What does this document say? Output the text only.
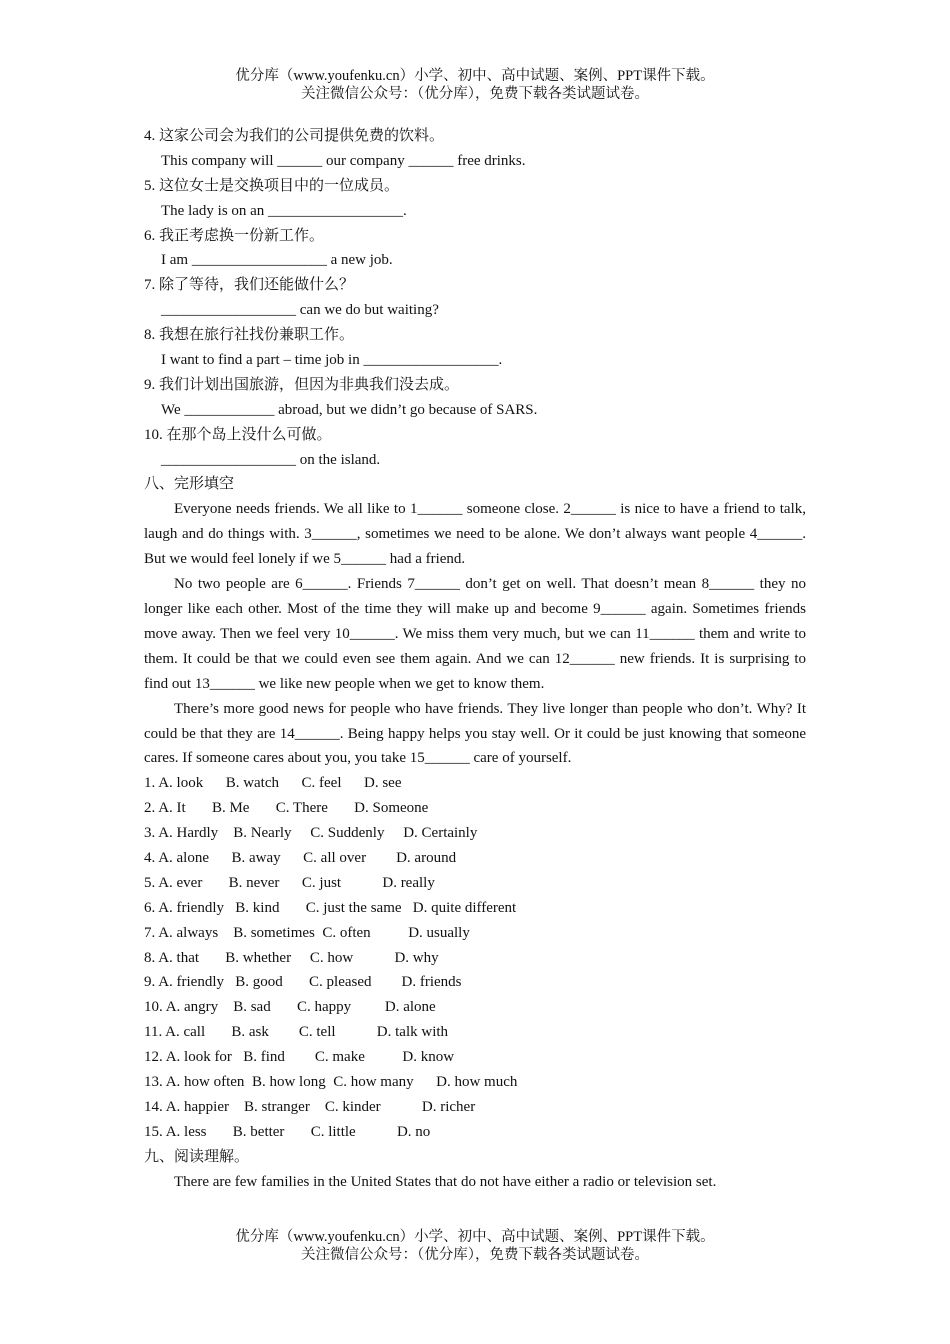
优分库（www.youfenku.cn）小学、初中、高中试题、案例、PPT课件下载。
关注微信公众号：（优分库），免费下载各类试题试卷。
4. 这家公司会为我们的公司提供免费的饮料。
This company will ______ our company ______ free drinks.
5. 这位女士是交换项目中的一位成员。
The lady is on an __________________.
6. 我正考虑换一份新工作。
I am __________________ a new job.
7. 除了等待，我们还能做什么？
__________________ can we do but waiting?
8. 我想在旅行社找份兼职工作。
I want to find a part – time job in __________________.
9. 我们计划出国旅游，但因为非典我们没去成。
We ____________ abroad, but we didn’t go because of SARS.
10. 在那个岛上没什么可做。
__________________ on the island.
八、完形填空
Everyone needs friends. We all like to 1______ someone close. 2______ is nice to have a friend to talk, laugh and do things with. 3______, sometimes we need to be alone. We don’t always want people 4______. But we would feel lonely if we 5______ had a friend.
No two people are 6______. Friends 7______ don’t get on well. That doesn’t mean 8______ they no longer like each other. Most of the time they will make up and become 9______ again. Sometimes friends move away. Then we feel very 10______. We miss them very much, but we can 11______ them and write to them. It could be that we could even see them again. And we can 12______ new friends. It is surprising to find out 13______ we like new people when we get to know them.
There’s more good news for people who have friends. They live longer than people who don’t. Why? It could be that they are 14______. Being happy helps you stay well. Or it could be just knowing that someone cares. If someone cares about you, you take 15______ care of yourself.
1. A. look B. watch C. feel D. see
2. A. It B. Me C. There D. Someone
3. A. Hardly B. Nearly C. Suddenly D. Certainly
4. A. alone B. away C. all over D. around
5. A. ever B. never C. just	D. really
6. A. friendly B. kind C. just the same D. quite different
7. A. always B. sometimes C. often	D. usually
8. A. that B. whether C. how	D. why
9. A. friendly B. good C. pleased D. friends
10. A. angry B. sad C. happy D. alone
11. A. call B. ask C. tell	D. talk with
12. A. look for B. find C. make	D. know
13. A. how often B. how long C. how many D. how much
14. A. happier B. stranger C. kinder	D. richer
15. A. less B. better C. little	D. no
九、阅读理解。
There are few families in the United States that do not have either a radio or television set.
优分库（www.youfenku.cn）小学、初中、高中试题、案例、PPT课件下载。
关注微信公众号：（优分库），免费下载各类试题试卷。
